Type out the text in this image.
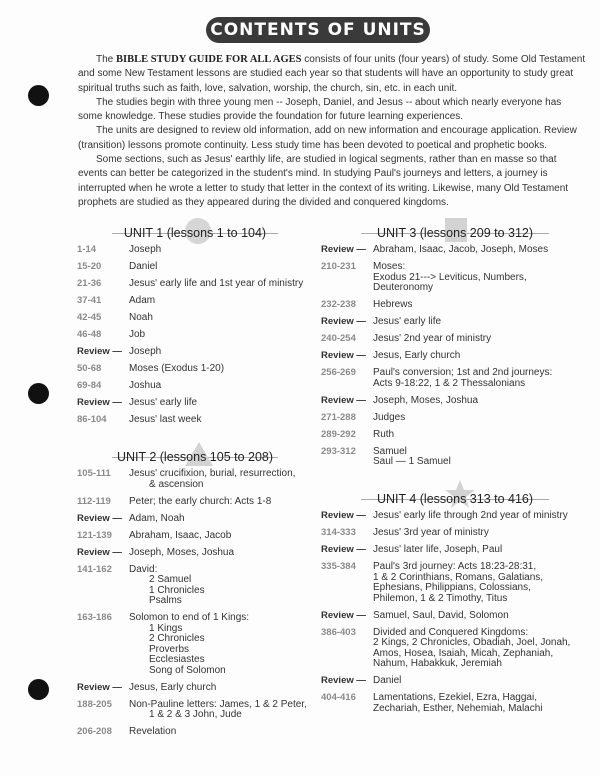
CONTENTS OF UNITS

The BIBLE STUDY GUIDE FOR ALL AGES consists of four units (four years) of study. Some Old Testament and some New Testament lessons are studied each year so that students will have an opportunity to study great spiritual truths such as faith, love, salvation, worship, the church, sin, etc. in each unit.

The studies begin with three young men -- Joseph, Daniel, and Jesus -- about which nearly everyone has some knowledge. These studies provide the foundation for future learning experiences.

The units are designed to review old information, add on new information and encourage application. Review (transition) lessons promote continuity. Less study time has been devoted to poetical and prophetic books.

Some sections, such as Jesus' earthly life, are studied in logical segments, rather than en masse so that events can better be categorized in the student's mind. In studying Paul's journeys and letters, a journey is interrupted when he wrote a letter to study that letter in the context of its writing. Likewise, many Old Testament prophets are studied as they appeared during the divided and conquered kingdoms.

UNIT 1 (lessons 1 to 104)
1-14	Joseph
15-20	Daniel
21-36	Jesus' early life and 1st year of ministry
37-41	Adam
42-45	Noah
46-48	Job
Review — Joseph
50-68	Moses (Exodus 1-20)
69-84	Joshua
Review — Jesus' early life
86-104	Jesus' last week
UNIT 2 (lessons 105 to 208)
105-111	Jesus' crucifixion, burial, resurrection,
& ascension
112-119	Peter; the early church: Acts 1-8
Review — Adam, Noah
121-139	Abraham, Isaac, Jacob
Review — Joseph, Moses, Joshua
141-162	David:
2 Samuel
1 Chronicles
Psalms
163-186	Solomon to end of 1 Kings:
1 Kings
2 Chronicles
Proverbs
Ecclesiastes
Song of Solomon
Review — Jesus, Early church
188-205	Non-Pauline letters: James, 1 & 2 Peter,
1 & 2 & 3 John, Jude
206-208	Revelation
UNIT 3 (lessons 209 to 312)
Review — Abraham, Isaac, Jacob, Joseph, Moses
210-231	Moses:
Exodus 21---> Leviticus, Numbers,
Deuteronomy
232-238	Hebrews
Review — Jesus' early life
240-254	Jesus' 2nd year of ministry
Review — Jesus, Early church
256-269	Paul's conversion; 1st and 2nd journeys:
Acts 9-18:22, 1 & 2 Thessalonians
Review — Joseph, Moses, Joshua
271-288	Judges
289-292	Ruth
293-312	Samuel
Saul — 1 Samuel
UNIT 4 (lessons 313 to 416)
Review — Jesus' early life through 2nd year of ministry
314-333	Jesus' 3rd year of ministry
Review — Jesus' later life, Joseph, Paul
335-384	Paul's 3rd journey: Acts 18:23-28:31,
1 & 2 Corinthians, Romans, Galatians,
Ephesians, Philippians, Colossians,
Philemon, 1 & 2 Timothy, Titus
Review — Samuel, Saul, David, Solomon
386-403	Divided and Conquered Kingdoms:
2 Kings, 2 Chronicles, Obadiah, Joel, Jonah,
Amos, Hosea, Isaiah, Micah, Zephaniah,
Nahum, Habakkuk, Jeremiah
Review — Daniel
404-416	Lamentations, Ezekiel, Ezra, Haggai,
Zechariah, Esther, Nehemiah, Malachi
